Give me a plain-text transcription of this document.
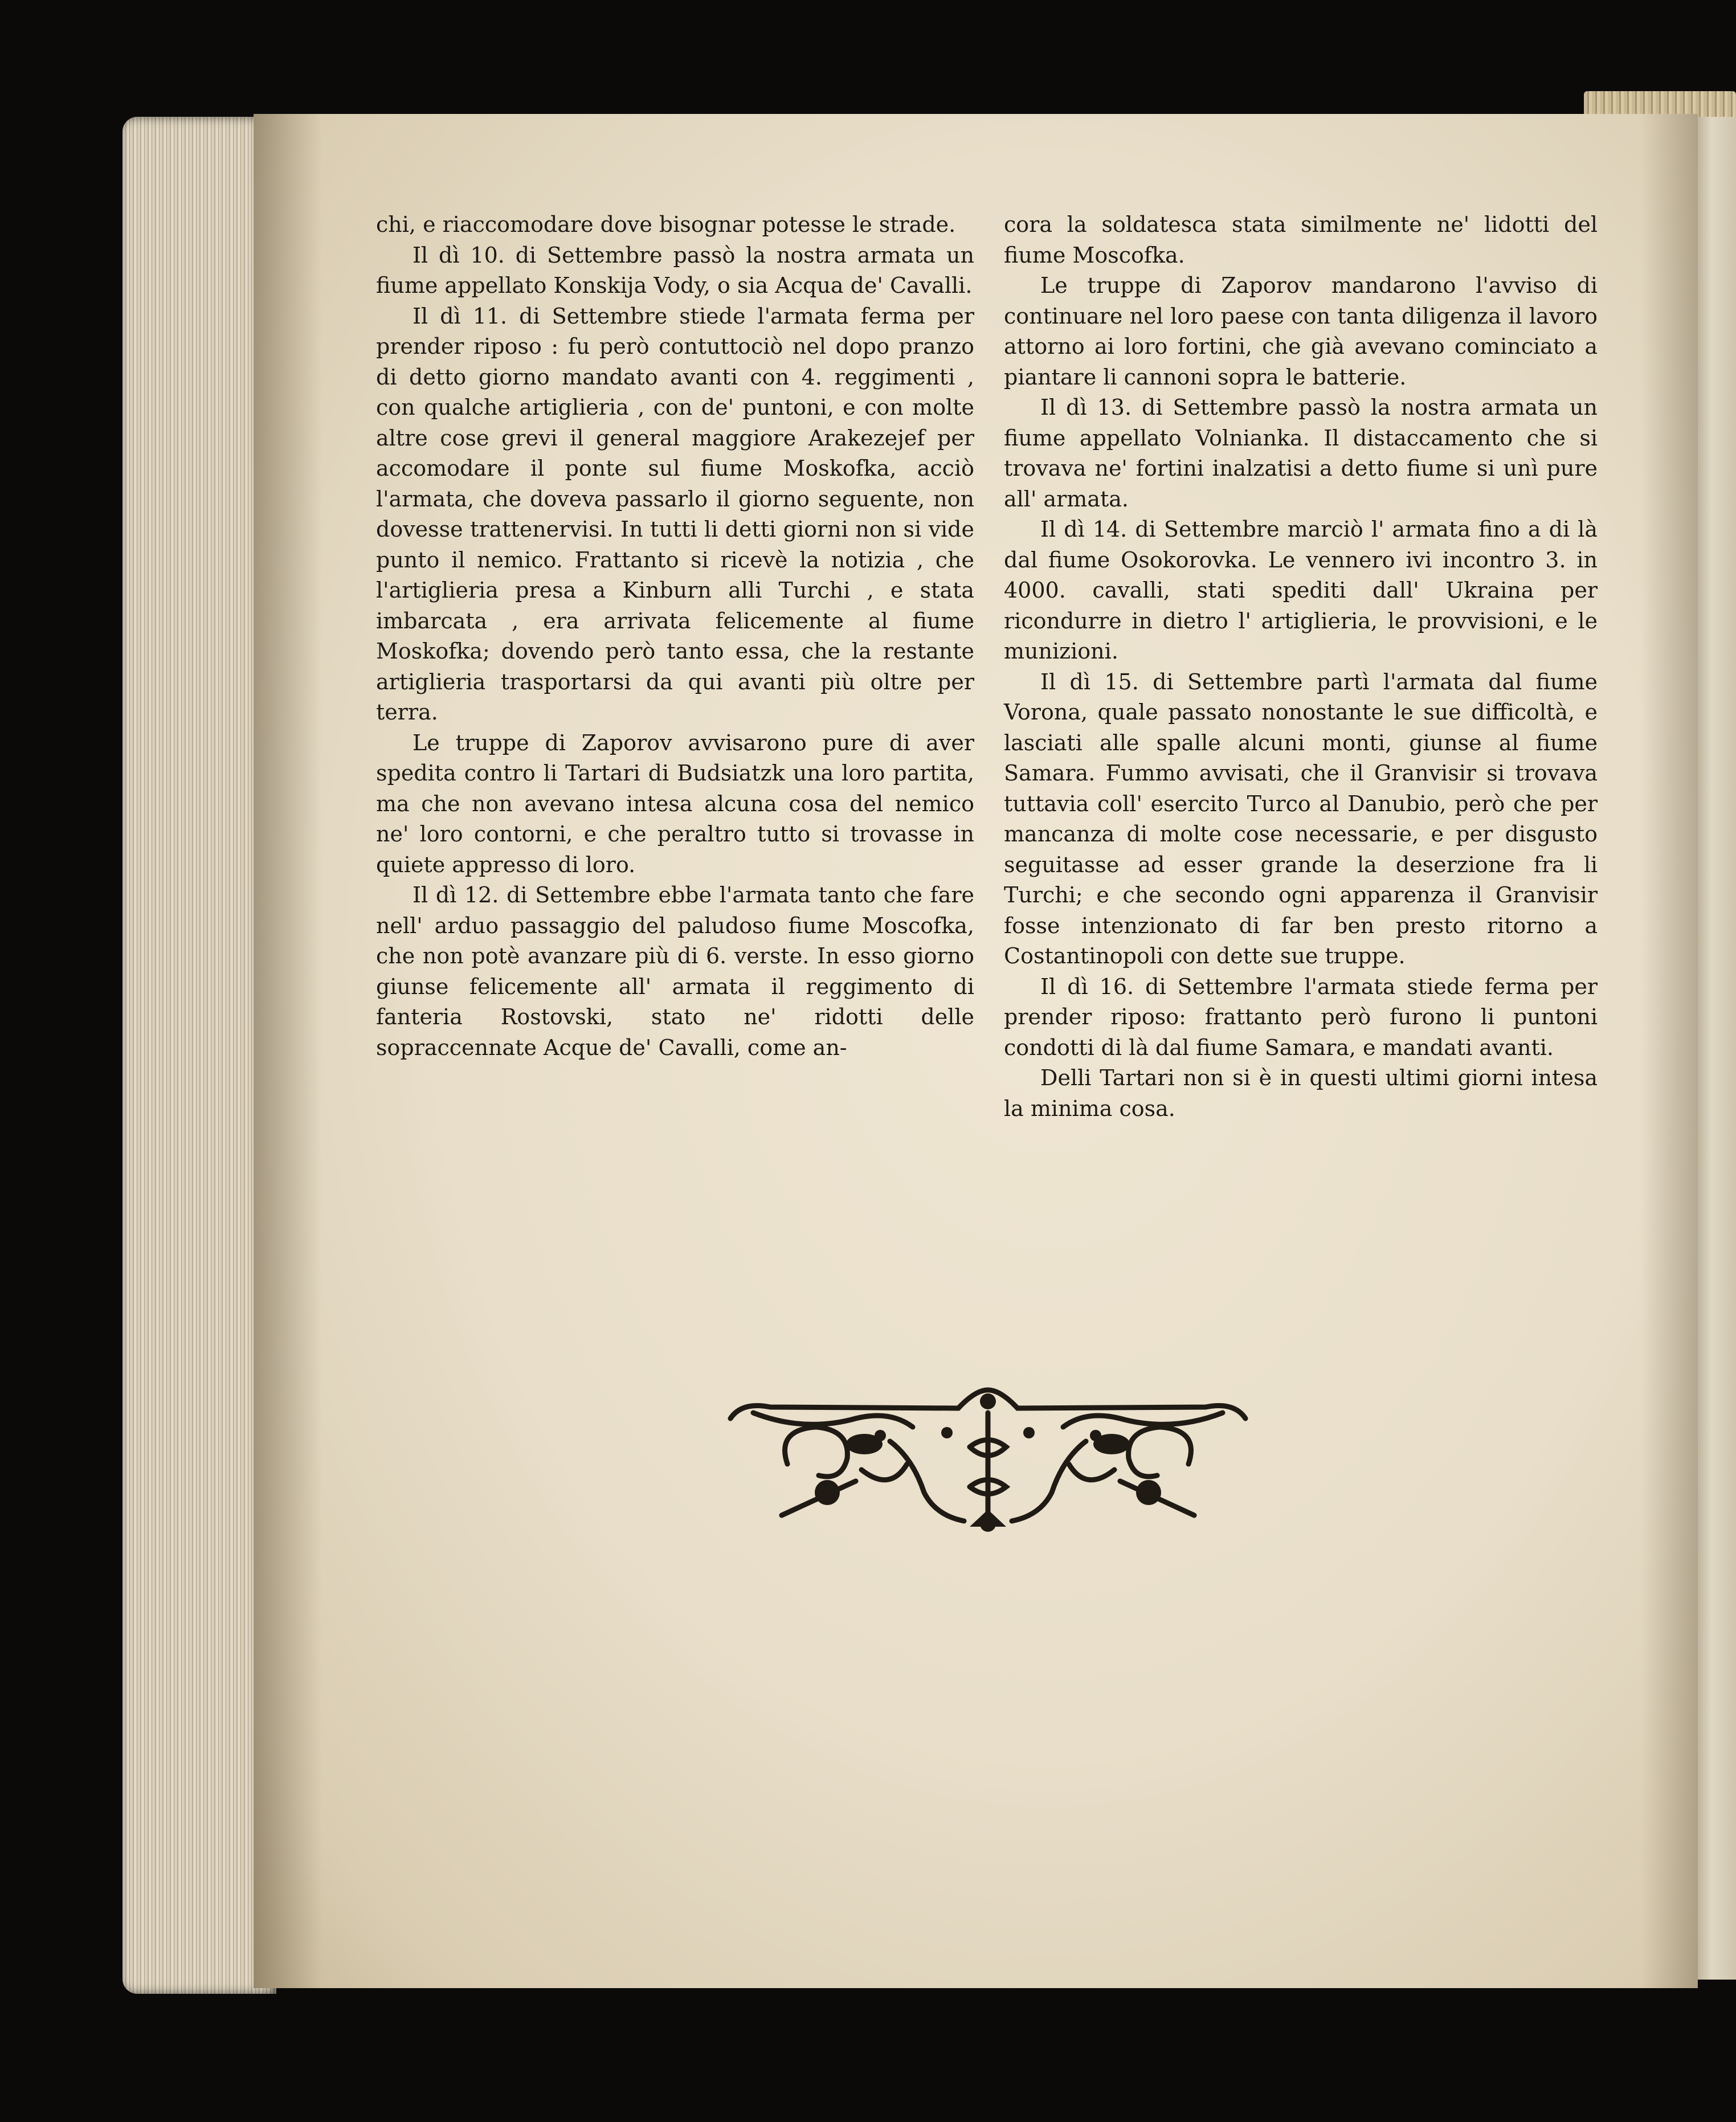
chi, e riaccomodare dove bisognar potesse le strade.

Il dì 10. di Settembre passò la nostra armata un fiume appellato Konskija Vody, o sia Acqua de' Cavalli.

Il dì 11. di Settembre stiede l'armata ferma per prender riposo : fu però contuttociò nel dopo pranzo di detto giorno mandato avanti con 4. reggimenti , con qualche artiglieria , con de' puntoni, e con molte altre cose grevi il general maggiore Arakezejef per accomodare il ponte sul fiume Moskofka, acciò l'armata, che doveva passarlo il giorno seguente, non dovesse trattenervisi. In tutti li detti giorni non si vide punto il nemico. Frattanto si ricevè la notizia , che l'artiglieria presa a Kinburn alli Turchi , e stata imbarcata , era arrivata felicemente al fiume Moskofka; dovendo però tanto essa, che la restante artiglieria trasportarsi da qui avanti più oltre per terra.

Le truppe di Zaporov avvisarono pure di aver spedita contro li Tartari di Budsiatzk una loro partita, ma che non avevano intesa alcuna cosa del nemico ne' loro contorni, e che peraltro tutto si trovasse in quiete appresso di loro.

Il dì 12. di Settembre ebbe l'armata tanto che fare nell' arduo passaggio del paludoso fiume Moscofka, che non potè avanzare più di 6. verste. In esso giorno giunse felicemente all' armata il reggimento di fanteria Rostovski, stato ne' ridotti delle sopraccennate Acque de' Cavalli, come an-

cora la soldatesca stata similmente ne' lidotti del fiume Moscofka.

Le truppe di Zaporov mandarono l'avviso di continuare nel loro paese con tanta diligenza il lavoro attorno ai loro fortini, che già avevano cominciato a piantare li cannoni sopra le batterie.

Il dì 13. di Settembre passò la nostra armata un fiume appellato Volnianka. Il distaccamento che si trovava ne' fortini inalzatisi a detto fiume si unì pure all' armata.

Il dì 14. di Settembre marciò l' armata fino a di là dal fiume Osokorovka. Le vennero ivi incontro 3. in 4000. cavalli, stati spediti dall' Ukraina per ricondurre in dietro l' artiglieria, le provvisioni, e le munizioni.

Il dì 15. di Settembre partì l'armata dal fiume Vorona, quale passato nonostante le sue difficoltà, e lasciati alle spalle alcuni monti, giunse al fiume Samara. Fummo avvisati, che il Granvisir si trovava tuttavia coll' esercito Turco al Danubio, però che per mancanza di molte cose necessarie, e per disgusto seguitasse ad esser grande la deserzione fra li Turchi; e che secondo ogni apparenza il Granvisir fosse intenzionato di far ben presto ritorno a Costantinopoli con dette sue truppe.

Il dì 16. di Settembre l'armata stiede ferma per prender riposo: frattanto però furono li puntoni condotti di là dal fiume Samara, e mandati avanti.

Delli Tartari non si è in questi ultimi giorni intesa la minima cosa.
